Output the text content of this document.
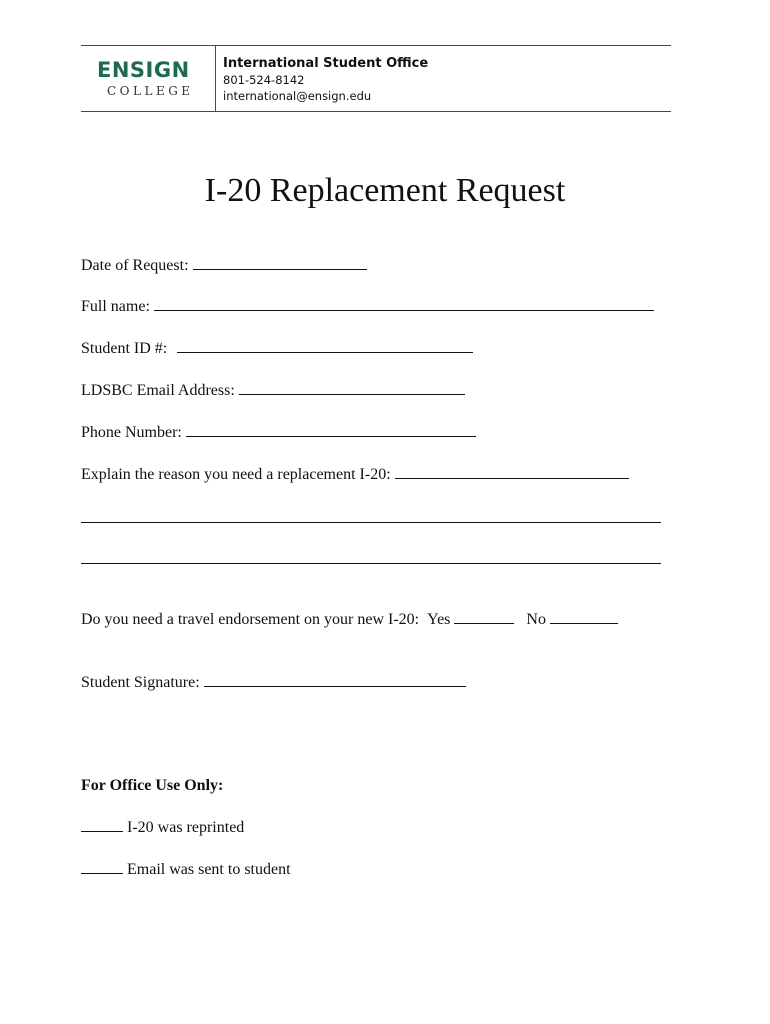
ENSIGN
COLLEGE
International Student Office
801-524-8142
international@ensign.edu
I-20 Replacement Request
Date of Request:
Full name:
Student ID #:
LDSBC Email Address:
Phone Number:
Explain the reason you need a replacement I-20:
Do you need a travel endorsement on your new I-20: Yes	No
Student Signature:
For Office Use Only:
I-20 was reprinted
Email was sent to student
